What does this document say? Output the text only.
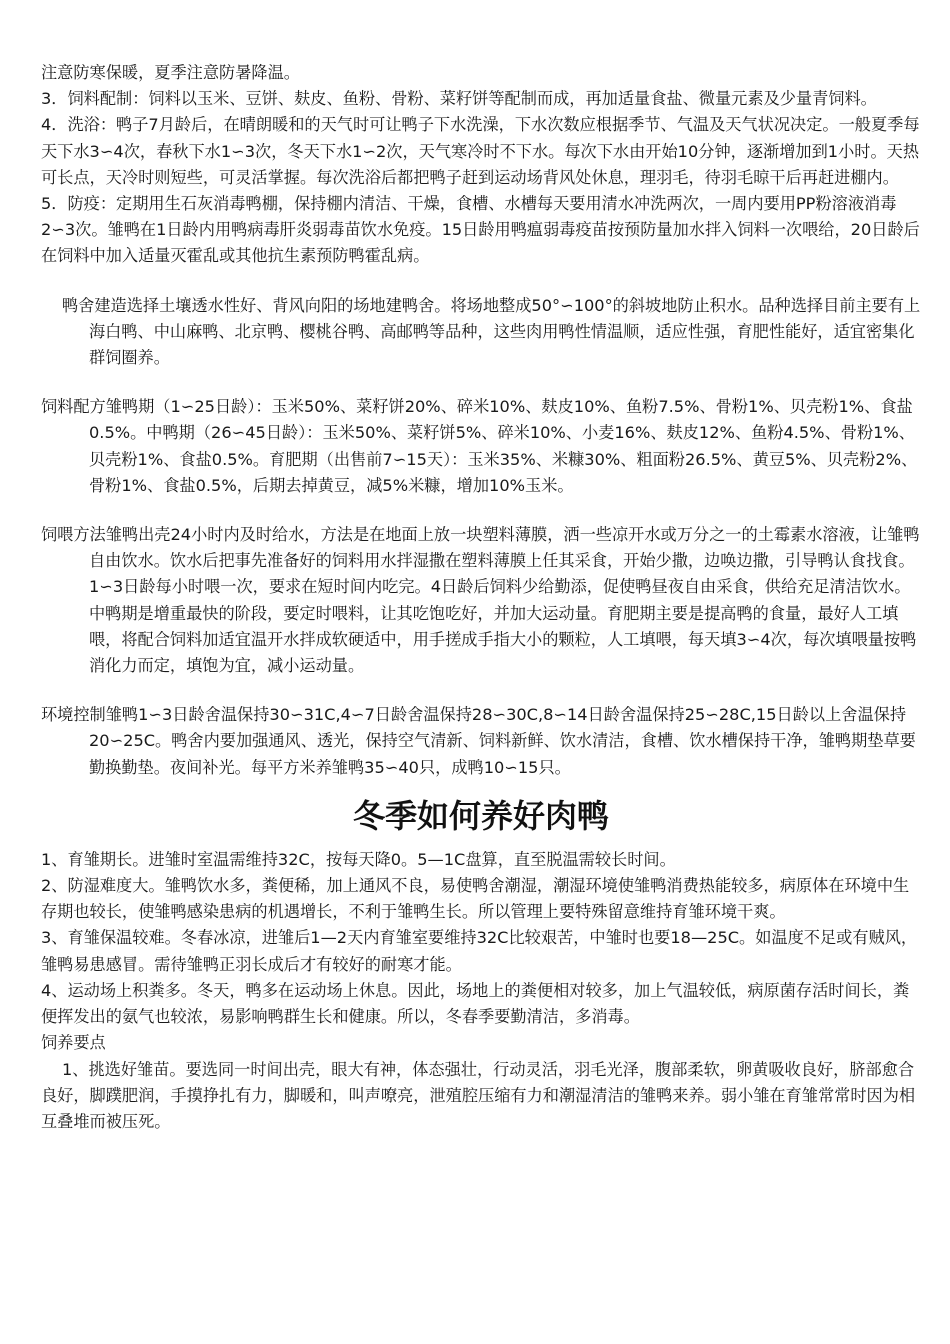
注意防寒保暖，夏季注意防暑降温。

3．饲料配制：饲料以玉米、豆饼、麸皮、鱼粉、骨粉、菜籽饼等配制而成，再加适量食盐、微量元素及少量青饲料。

4．洗浴：鸭子7月龄后，在晴朗暖和的天气时可让鸭子下水洗澡，下水次数应根据季节、气温及天气状况决定。一般夏季每天下水3∽4次，春秋下水1∽3次，冬天下水1∽2次，天气寒冷时不下水。每次下水由开始10分钟，逐渐增加到1小时。天热可长点，天冷时则短些，可灵活掌握。每次洗浴后都把鸭子赶到运动场背风处休息，理羽毛，待羽毛晾干后再赶进棚内。

5．防疫：定期用生石灰消毒鸭棚，保持棚内清洁、干燥，食槽、水槽每天要用清水冲洗两次，一周内要用PP粉溶液消毒2∽3次。雏鸭在1日龄内用鸭病毒肝炎弱毒苗饮水免疫。15日龄用鸭瘟弱毒疫苗按预防量加水拌入饲料一次喂给，20日龄后在饲料中加入适量灭霍乱或其他抗生素预防鸭霍乱病。

鸭舍建造选择土壤透水性好、背风向阳的场地建鸭舍。将场地整成50°∽100°的斜坡地防止积水。品种选择目前主要有上海白鸭、中山麻鸭、北京鸭、樱桃谷鸭、高邮鸭等品种，这些肉用鸭性情温顺，适应性强，育肥性能好，适宜密集化群饲圈养。

饲料配方雏鸭期（1∽25日龄）：玉米50%、菜籽饼20%、碎米10%、麸皮10%、鱼粉7.5%、骨粉1%、贝壳粉1%、食盐0.5%。中鸭期（26∽45日龄）：玉米50%、菜籽饼5%、碎米10%、小麦16%、麸皮12%、鱼粉4.5%、骨粉1%、贝壳粉1%、食盐0.5%。育肥期（出售前7∽15天）：玉米35%、米糠30%、粗面粉26.5%、黄豆5%、贝壳粉2%、骨粉1%、食盐0.5%，后期去掉黄豆，减5%米糠，增加10%玉米。

饲喂方法雏鸭出壳24小时内及时给水，方法是在地面上放一块塑料薄膜，洒一些凉开水或万分之一的土霉素水溶液，让雏鸭自由饮水。饮水后把事先准备好的饲料用水拌湿撒在塑料薄膜上任其采食，开始少撒，边唤边撒，引导鸭认食找食。1∽3日龄每小时喂一次，要求在短时间内吃完。4日龄后饲料少给勤添，促使鸭昼夜自由采食，供给充足清洁饮水。中鸭期是增重最快的阶段，要定时喂料，让其吃饱吃好，并加大运动量。育肥期主要是提高鸭的食量，最好人工填喂，将配合饲料加适宜温开水拌成软硬适中，用手搓成手指大小的颗粒，人工填喂，每天填3∽4次，每次填喂量按鸭消化力而定，填饱为宜，减小运动量。

环境控制雏鸭1∽3日龄舍温保持30∽31C,4∽7日龄舍温保持28∽30C,8∽14日龄舍温保持25∽28C,15日龄以上舍温保持20∽25C。鸭舍内要加强通风、透光，保持空气清新、饲料新鲜、饮水清洁，食槽、饮水槽保持干净，雏鸭期垫草要勤换勤垫。夜间补光。每平方米养雏鸭35∽40只，成鸭10∽15只。

冬季如何养好肉鸭

1、育雏期长。进雏时室温需维持32C，按每天降0。5—1C盘算，直至脱温需较长时间。

2、防湿难度大。雏鸭饮水多，粪便稀，加上通风不良，易使鸭舍潮湿，潮湿环境使雏鸭消费热能较多，病原体在环境中生存期也较长，使雏鸭感染患病的机遇增长，不利于雏鸭生长。所以管理上要特殊留意维持育雏环境干爽。

3、育雏保温较难。冬春冰凉，进雏后1—2天内育雏室要维持32C比较艰苦，中雏时也要18—25C。如温度不足或有贼风，雏鸭易患感冒。需待雏鸭正羽长成后才有较好的耐寒才能。

4、运动场上积粪多。冬天，鸭多在运动场上休息。因此，场地上的粪便相对较多，加上气温较低，病原菌存活时间长，粪便挥发出的氨气也较浓，易影响鸭群生长和健康。所以，冬春季要勤清洁，多消毒。

饲养要点

1、挑选好雏苗。要选同一时间出壳，眼大有神，体态强壮，行动灵活，羽毛光泽，腹部柔软，卵黄吸收良好，脐部愈合良好，脚蹼肥润，手摸挣扎有力，脚暖和，叫声嘹亮，泄殖腔压缩有力和潮湿清洁的雏鸭来养。弱小雏在育雏常常时因为相互叠堆而被压死。
